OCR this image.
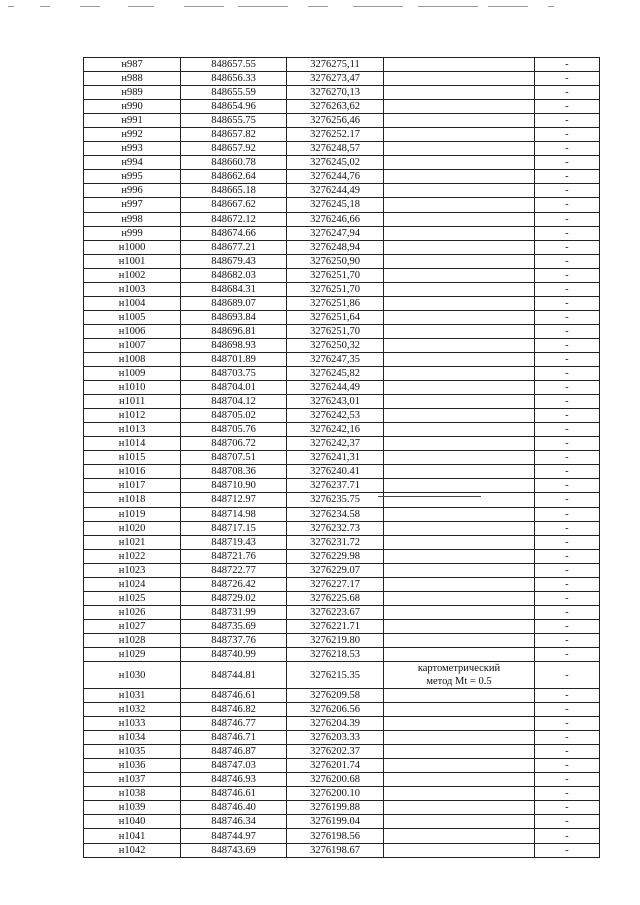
н987	848657.55	3276275,11		-
н988	848656.33	3276273,47		-
н989	848655.59	3276270,13		-
н990	848654.96	3276263,62		-
н991	848655.75	3276256,46		-
н992	848657.82	3276252.17		-
н993	848657.92	3276248,57		-
н994	848660.78	3276245,02		-
н995	848662.64	3276244,76		-
н996	848665.18	3276244,49		-
н997	848667.62	3276245,18		-
н998	848672.12	3276246,66		-
н999	848674.66	3276247,94		-
н1000	848677.21	3276248,94		-
н1001	848679.43	3276250,90		-
н1002	848682.03	3276251,70		-
н1003	848684.31	3276251,70		-
н1004	848689.07	3276251,86		-
н1005	848693.84	3276251,64		-
н1006	848696.81	3276251,70		-
н1007	848698.93	3276250,32		-
н1008	848701.89	3276247,35		-
н1009	848703.75	3276245,82		-
н1010	848704.01	3276244,49		-
н1011	848704.12	3276243,01		-
н1012	848705.02	3276242,53		-
н1013	848705.76	3276242,16		-
н1014	848706.72	3276242,37		-
н1015	848707.51	3276241,31		-
н1016	848708.36	3276240.41		-
н1017	848710.90	3276237.71		-
н1018	848712.97	3276235.75		-
н1019	848714.98	3276234.58		-
н1020	848717.15	3276232.73		-
н1021	848719.43	3276231.72		-
н1022	848721.76	3276229.98		-
н1023	848722.77	3276229.07		-
н1024	848726.42	3276227.17		-
н1025	848729.02	3276225.68		-
н1026	848731.99	3276223.67		-
н1027	848735.69	3276221.71		-
н1028	848737.76	3276219.80		-
н1029	848740.99	3276218.53		-
н1030	848744.81	3276215.35	картометрический
метод Mt = 0.5	-
н1031	848746.61	3276209.58		-
н1032	848746.82	3276206.56		-
н1033	848746.77	3276204.39		-
н1034	848746.71	3276203.33		-
н1035	848746.87	3276202.37		-
н1036	848747.03	3276201.74		-
н1037	848746.93	3276200.68		-
н1038	848746.61	3276200.10		-
н1039	848746.40	3276199.88		-
н1040	848746.34	3276199.04		-
н1041	848744.97	3276198.56		-
н1042	848743.69	3276198.67		-
